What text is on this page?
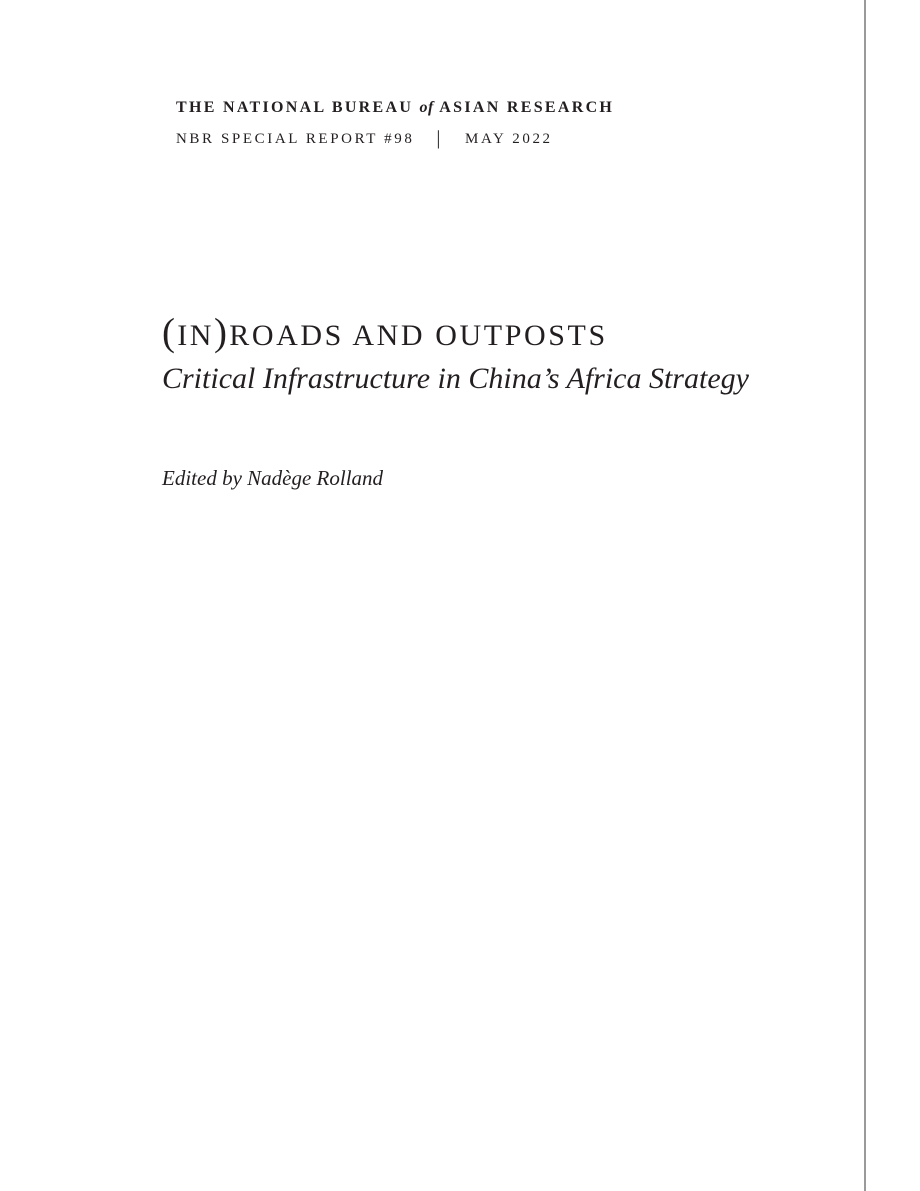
THE NATIONAL BUREAU of ASIAN RESEARCH
NBR SPECIAL REPORT #98 | MAY 2022
(IN)ROADS AND OUTPOSTS
Critical Infrastructure in China’s Africa Strategy
Edited by Nadège Rolland
